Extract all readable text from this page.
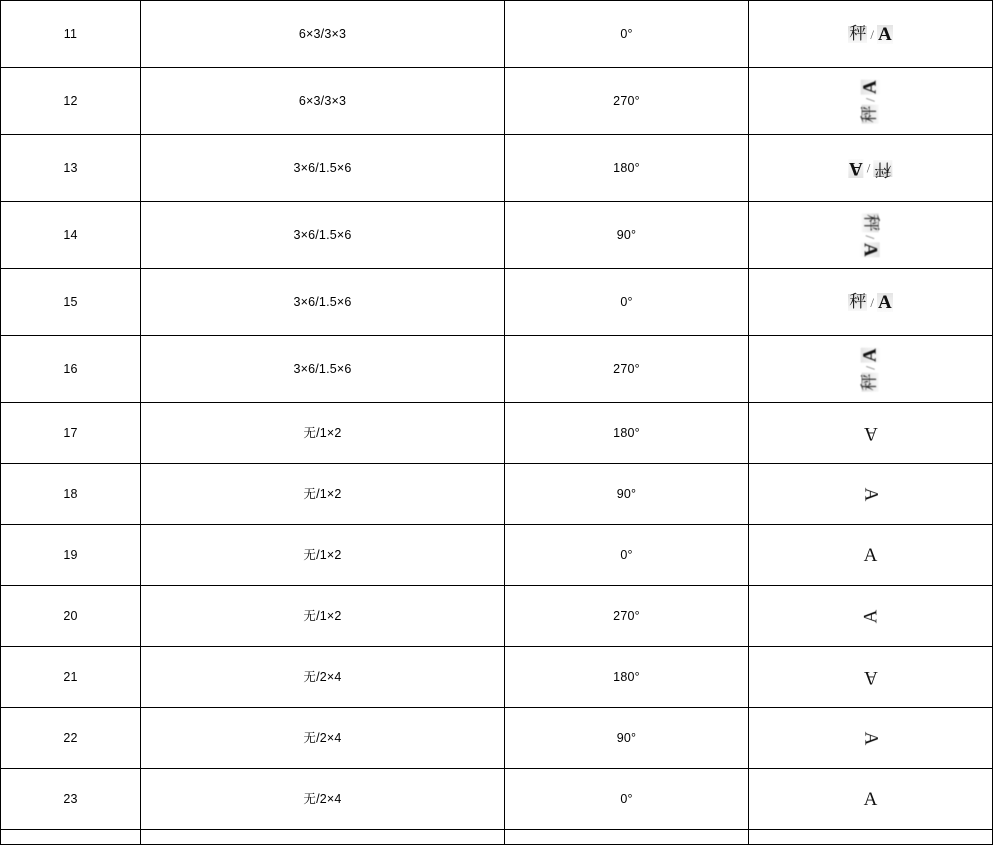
11	6×3/3×3	0°	秤 / A

12	6×3/3×3	270°	秤/A

13	3×6/1.5×6	180°	秤/A

14	3×6/1.5×6	90°	秤/A

15	3×6/1.5×6	0°	秤 / A

16	3×6/1.5×6	270°	秤/A

17	无/1×2	180°	A

18	无/1×2	90°	A

19	无/1×2	0°	A

20	无/1×2	270°	A

21	无/2×4	180°	A

22	无/2×4	90°	A

23	无/2×4	0°	A
